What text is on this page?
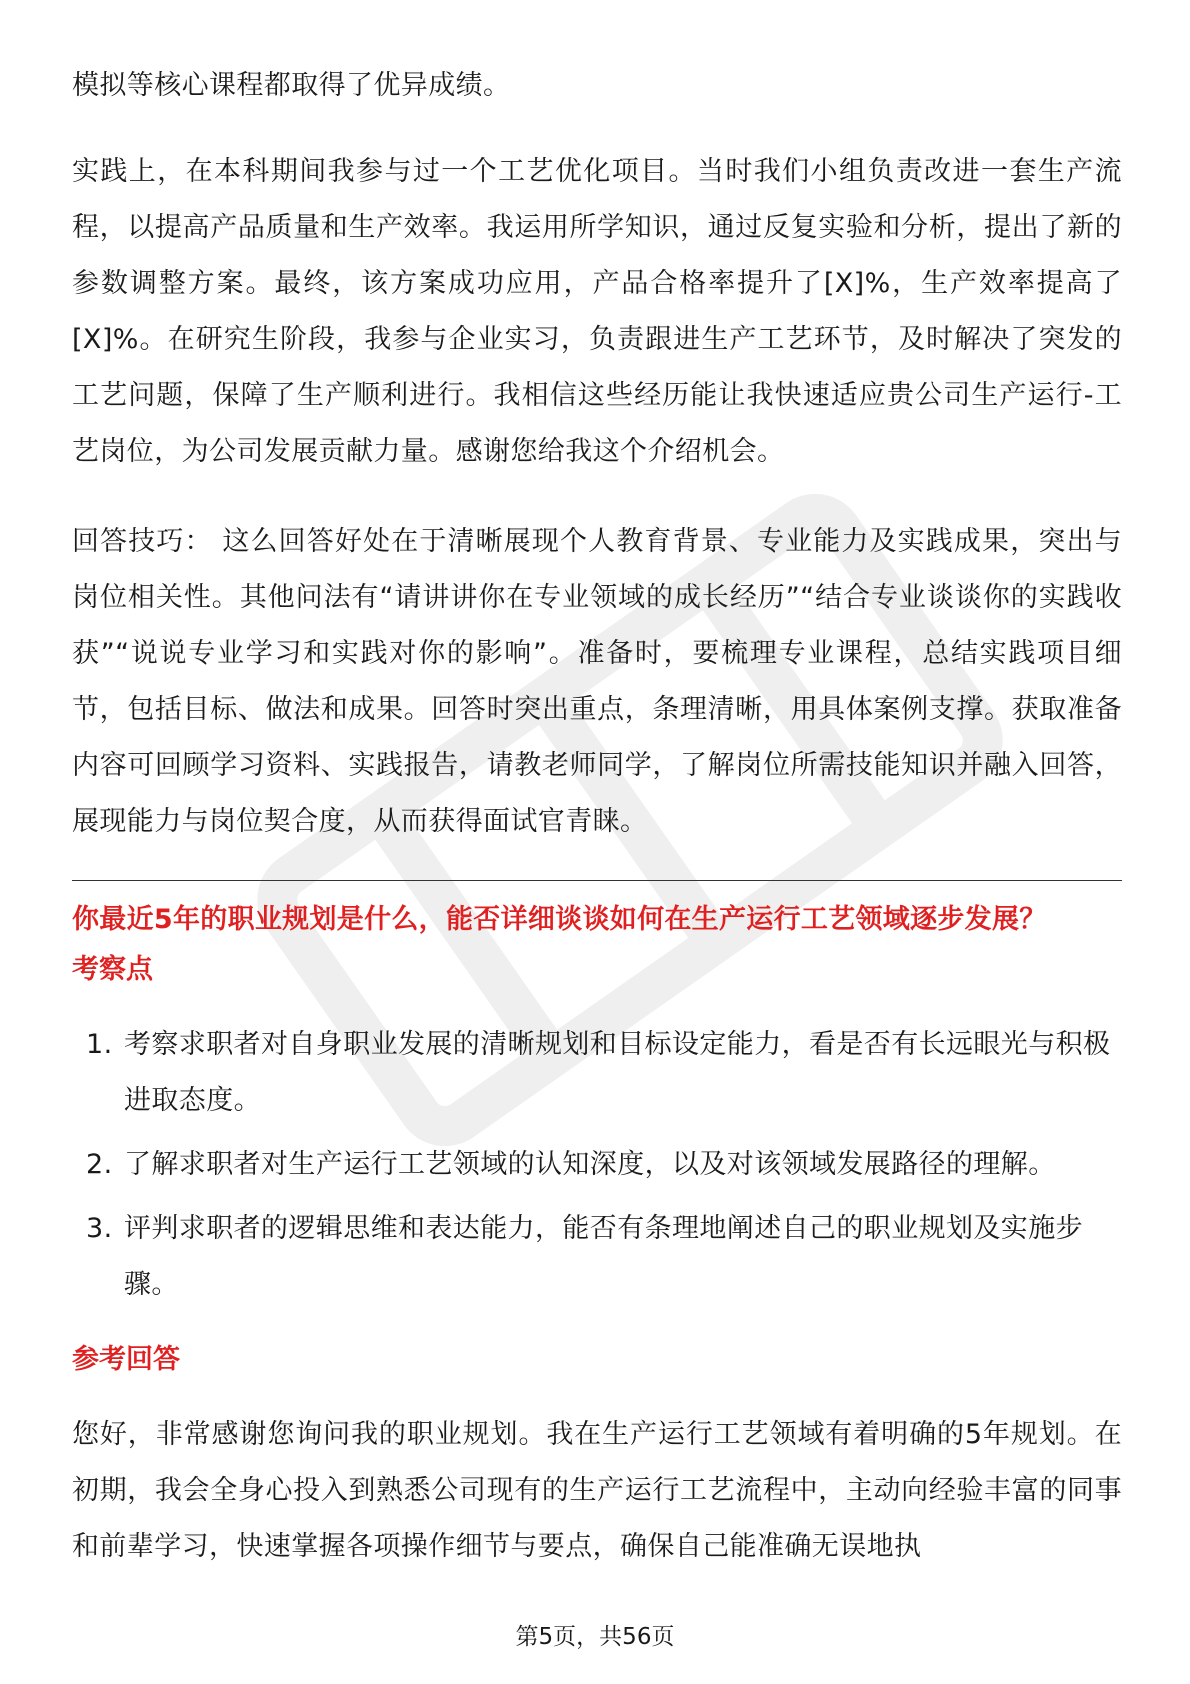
模拟等核心课程都取得了优异成绩。

实践上，在本科期间我参与过一个工艺优化项目。当时我们小组负责改进一套生产流程，以提高产品质量和生产效率。我运用所学知识，通过反复实验和分析，提出了新的参数调整方案。最终，该方案成功应用，产品合格率提升了[X]%，生产效率提高了[X]%。在研究生阶段，我参与企业实习，负责跟进生产工艺环节，及时解决了突发的工艺问题，保障了生产顺利进行。我相信这些经历能让我快速适应贵公司生产运行-工艺岗位，为公司发展贡献力量。感谢您给我这个介绍机会。

回答技巧： 这么回答好处在于清晰展现个人教育背景、专业能力及实践成果，突出与岗位相关性。其他问法有“请讲讲你在专业领域的成长经历”“结合专业谈谈你的实践收获”“说说专业学习和实践对你的影响”。准备时，要梳理专业课程，总结实践项目细节，包括目标、做法和成果。回答时突出重点，条理清晰，用具体案例支撑。获取准备内容可回顾学习资料、实践报告，请教老师同学，了解岗位所需技能知识并融入回答，展现能力与岗位契合度，从而获得面试官青睐。

你最近5年的职业规划是什么，能否详细谈谈如何在生产运行工艺领域逐步发展？

考察点

1. 考察求职者对自身职业发展的清晰规划和目标设定能力，看是否有长远眼光与积极进取态度。
2. 了解求职者对生产运行工艺领域的认知深度，以及对该领域发展路径的理解。
3. 评判求职者的逻辑思维和表达能力，能否有条理地阐述自己的职业规划及实施步骤。

参考回答

您好，非常感谢您询问我的职业规划。我在生产运行工艺领域有着明确的5年规划。在初期，我会全身心投入到熟悉公司现有的生产运行工艺流程中，主动向经验丰富的同事和前辈学习，快速掌握各项操作细节与要点，确保自己能准确无误地执

第5页，共56页
